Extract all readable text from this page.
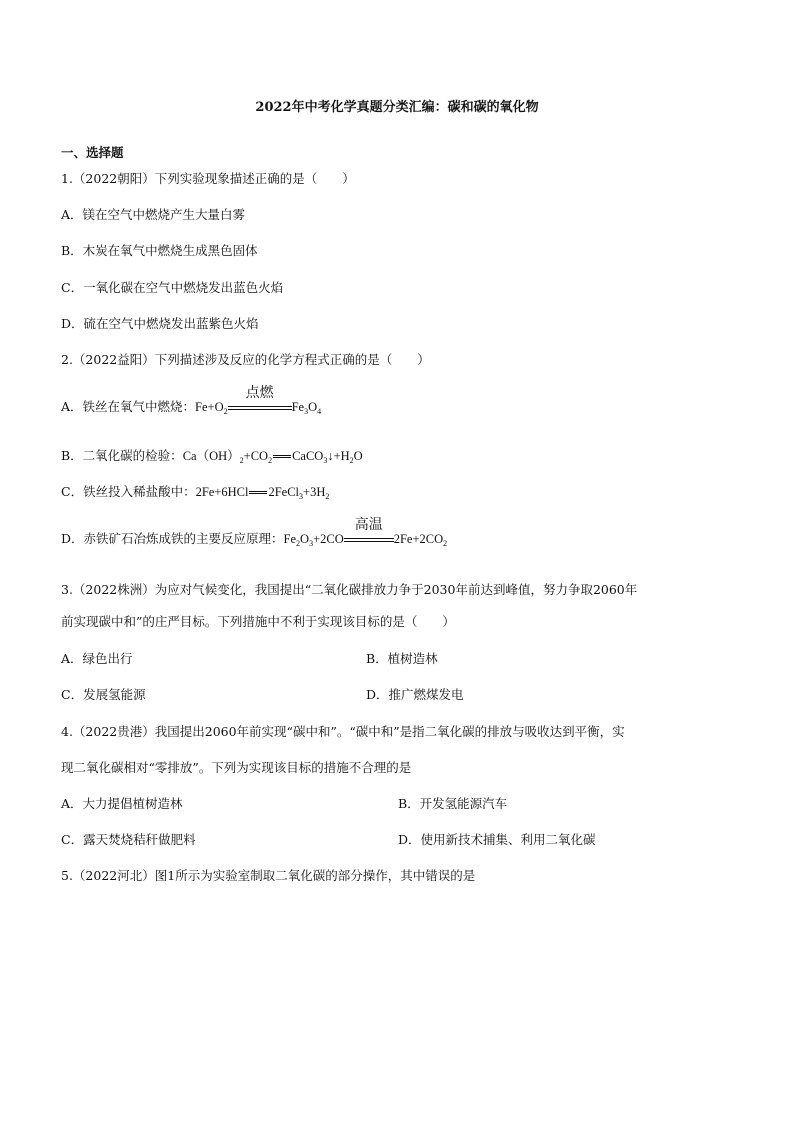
2022年中考化学真题分类汇编：碳和碳的氧化物
一、选择题
1.（2022朝阳）下列实验现象描述正确的是（　　）
A．镁在空气中燃烧产生大量白雾
B．木炭在氧气中燃烧生成黑色固体
C．一氧化碳在空气中燃烧发出蓝色火焰
D．硫在空气中燃烧发出蓝紫色火焰
2.（2022益阳）下列描述涉及反应的化学方程式正确的是（　　）
A．铁丝在氧气中燃烧：$Fe+O_2$
点燃
$Fe_3O_4$
B．二氧化碳的检验：$Ca(OH)_2+CO_2$ $CaCO_3↓+H_2O$
C．铁丝投入稀盐酸中：2Fe+6HCl $2FeCl_3+3H_2$
D．赤铁矿石冶炼成铁的主要反应原理：$Fe_2O_3+2CO$
高温
$2Fe+2CO_2$
3.（2022株洲）为应对气候变化，我国提出“二氧化碳排放力争于2030年前达到峰值，努力争取2060年
前实现碳中和”的庄严目标。下列措施中不利于实现该目标的是（　　）
A．绿色出行	B．植树造林
C．发展氢能源	D．推广燃煤发电
4.（2022贵港）我国提出2060年前实现“碳中和”。“碳中和”是指二氧化碳的排放与吸收达到平衡，实
现二氧化碳相对“零排放”。下列为实现该目标的措施不合理的是
A．大力提倡植树造林	B．开发氢能源汽车
C．露天焚烧秸秆做肥料	D．使用新技术捕集、利用二氧化碳
5.（2022河北）图1所示为实验室制取二氧化碳的部分操作，其中错误的是
